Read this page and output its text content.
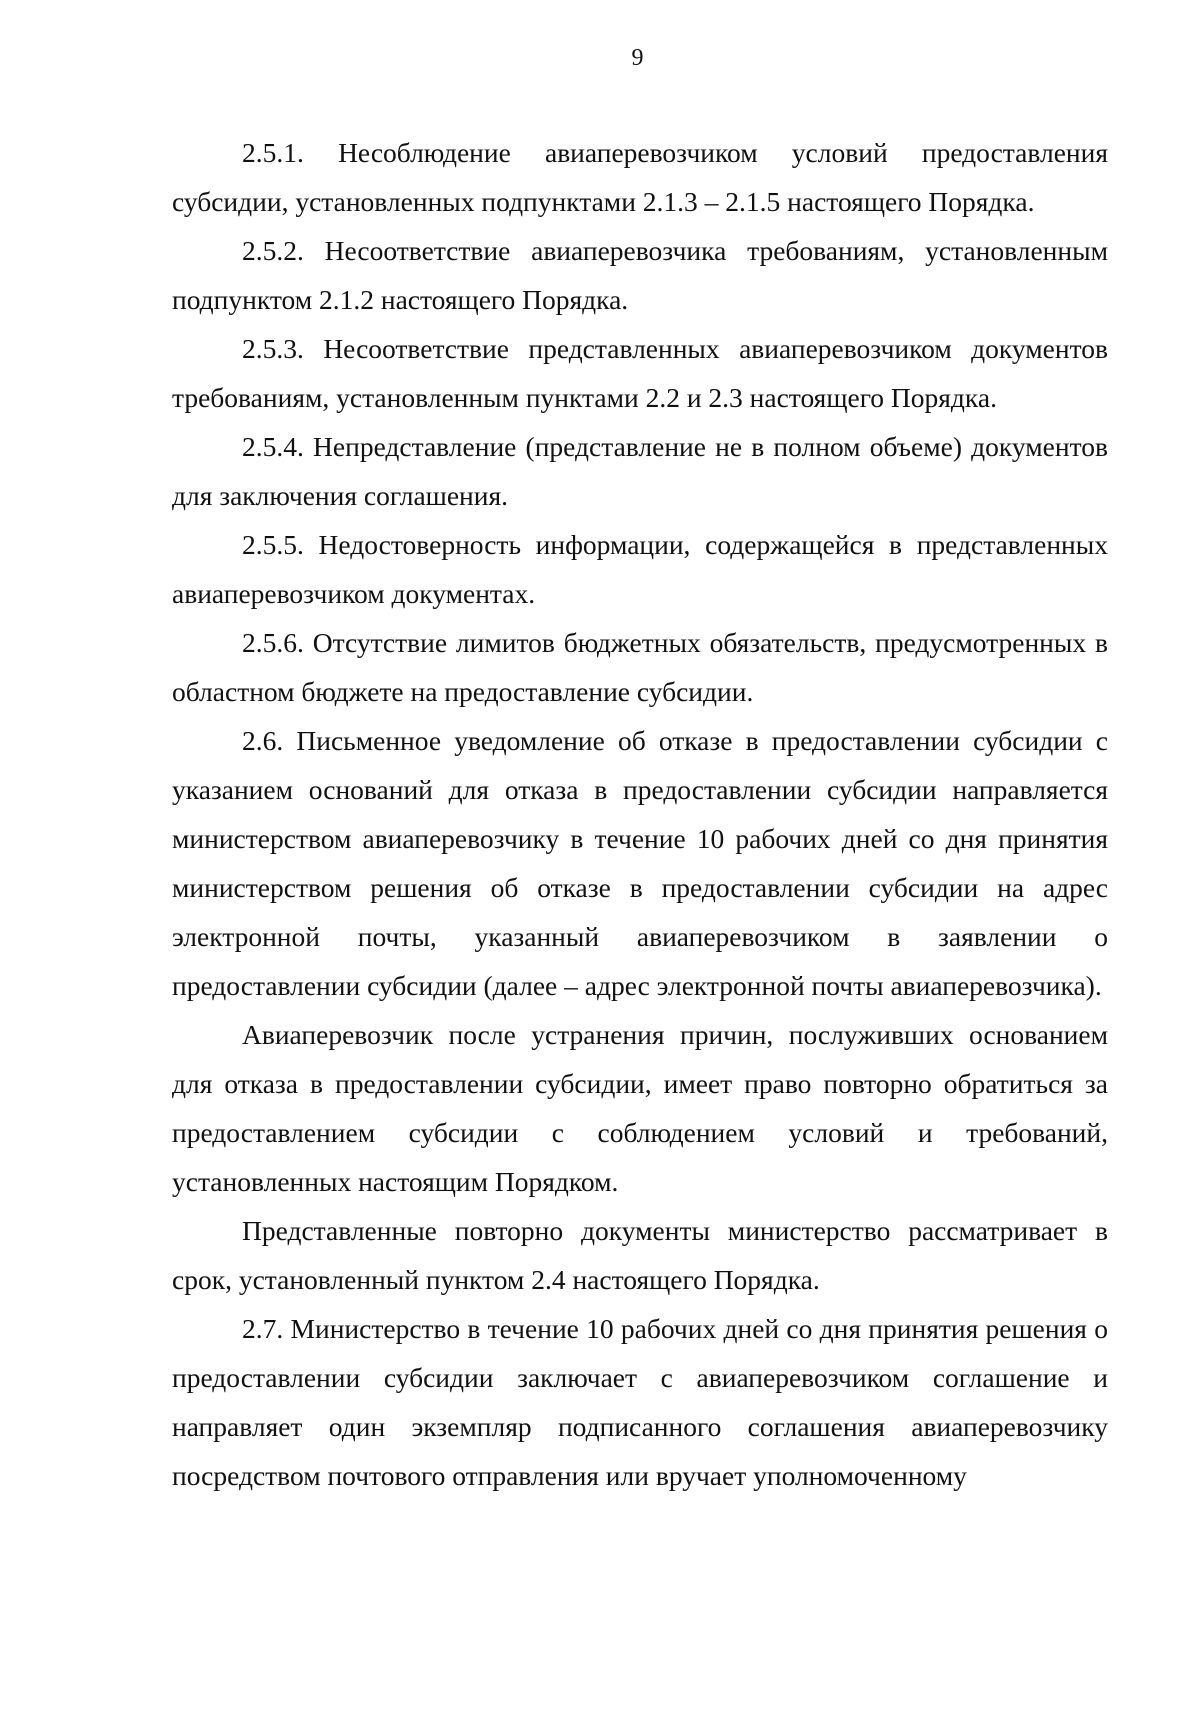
9

2.5.1. Несоблюдение авиаперевозчиком условий предоставления субсидии, установленных подпунктами 2.1.3 – 2.1.5 настоящего Порядка.

2.5.2. Несоответствие авиаперевозчика требованиям, установленным подпунктом 2.1.2 настоящего Порядка.

2.5.3. Несоответствие представленных авиаперевозчиком документов требованиям, установленным пунктами 2.2 и 2.3 настоящего Порядка.

2.5.4. Непредставление (представление не в полном объеме) документов для заключения соглашения.

2.5.5. Недостоверность информации, содержащейся в представленных авиаперевозчиком документах.

2.5.6. Отсутствие лимитов бюджетных обязательств, предусмотренных в областном бюджете на предоставление субсидии.

2.6. Письменное уведомление об отказе в предоставлении субсидии с указанием оснований для отказа в предоставлении субсидии направляется министерством авиаперевозчику в течение 10 рабочих дней со дня принятия министерством решения об отказе в предоставлении субсидии на адрес электронной почты, указанный авиаперевозчиком в заявлении о предоставлении субсидии (далее – адрес электронной почты авиаперевозчика).

Авиаперевозчик после устранения причин, послуживших основанием для отказа в предоставлении субсидии, имеет право повторно обратиться за предоставлением субсидии с соблюдением условий и требований, установленных настоящим Порядком.

Представленные повторно документы министерство рассматривает в срок, установленный пунктом 2.4 настоящего Порядка.

2.7. Министерство в течение 10 рабочих дней со дня принятия решения о предоставлении субсидии заключает с авиаперевозчиком соглашение и направляет один экземпляр подписанного соглашения авиаперевозчику посредством почтового отправления или вручает уполномоченному
